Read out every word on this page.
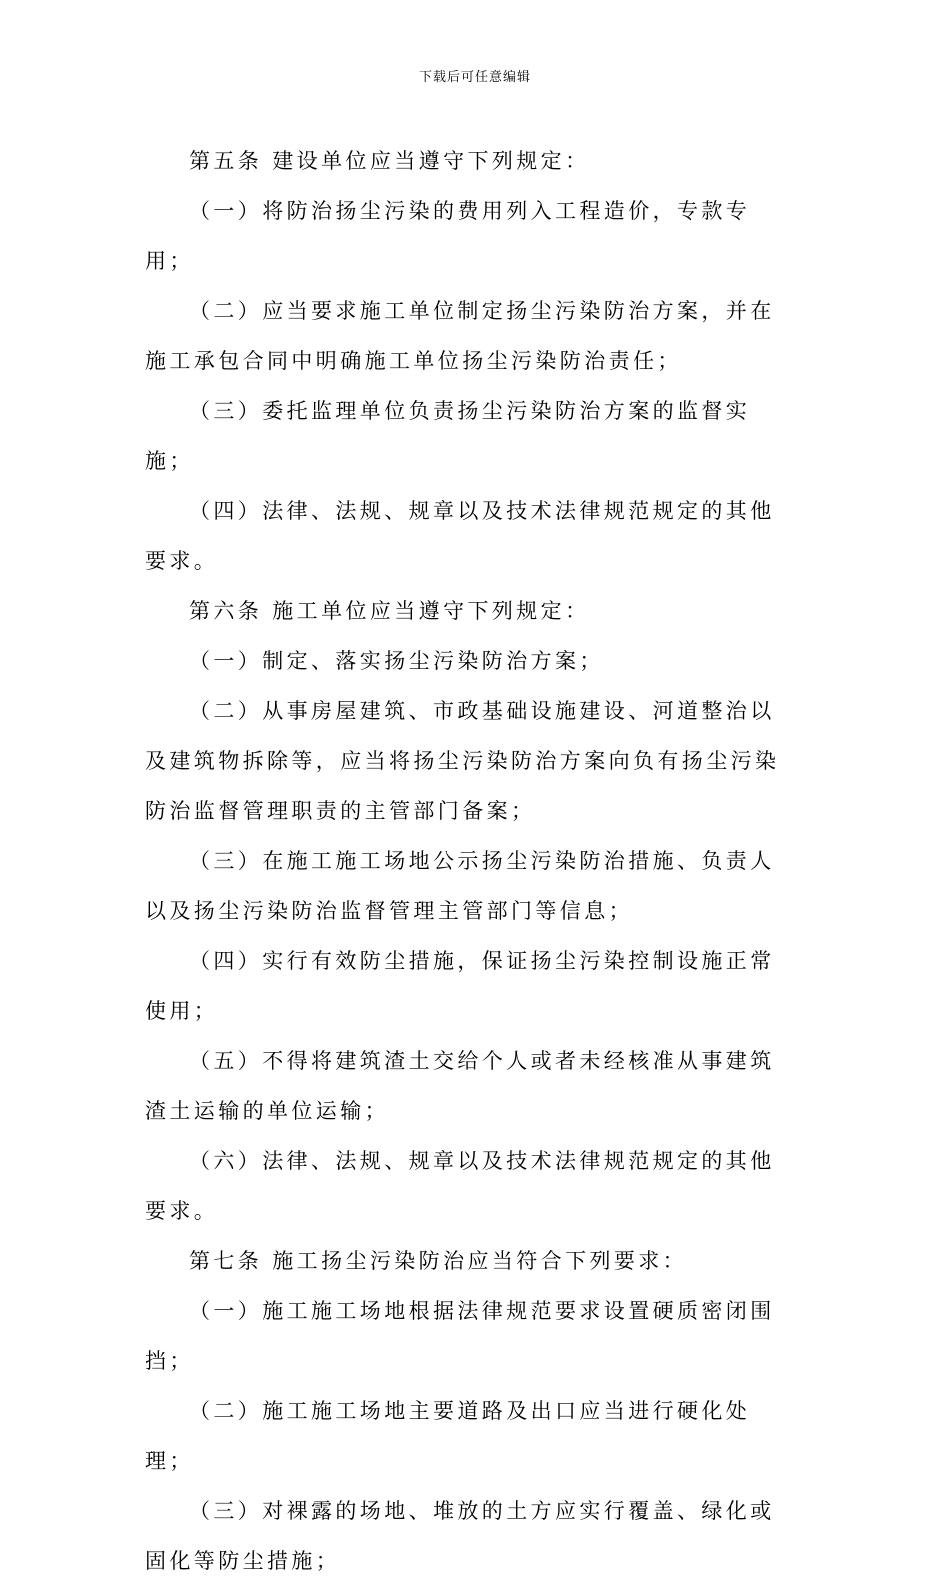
下载后可任意编辑

第五条 建设单位应当遵守下列规定：

（一）将防治扬尘污染的费用列入工程造价，专款专用；

（二）应当要求施工单位制定扬尘污染防治方案，并在施工承包合同中明确施工单位扬尘污染防治责任；

（三）委托监理单位负责扬尘污染防治方案的监督实施；

（四）法律、法规、规章以及技术法律规范规定的其他要求。

第六条 施工单位应当遵守下列规定：

（一）制定、落实扬尘污染防治方案；

（二）从事房屋建筑、市政基础设施建设、河道整治以及建筑物拆除等，应当将扬尘污染防治方案向负有扬尘污染防治监督管理职责的主管部门备案；

（三）在施工施工场地公示扬尘污染防治措施、负责人以及扬尘污染防治监督管理主管部门等信息；

（四）实行有效防尘措施，保证扬尘污染控制设施正常使用；

（五）不得将建筑渣土交给个人或者未经核准从事建筑渣土运输的单位运输；

（六）法律、法规、规章以及技术法律规范规定的其他要求。

第七条 施工扬尘污染防治应当符合下列要求：

（一）施工施工场地根据法律规范要求设置硬质密闭围挡；

（二）施工施工场地主要道路及出口应当进行硬化处理；

（三）对裸露的场地、堆放的土方应实行覆盖、绿化或固化等防尘措施；
